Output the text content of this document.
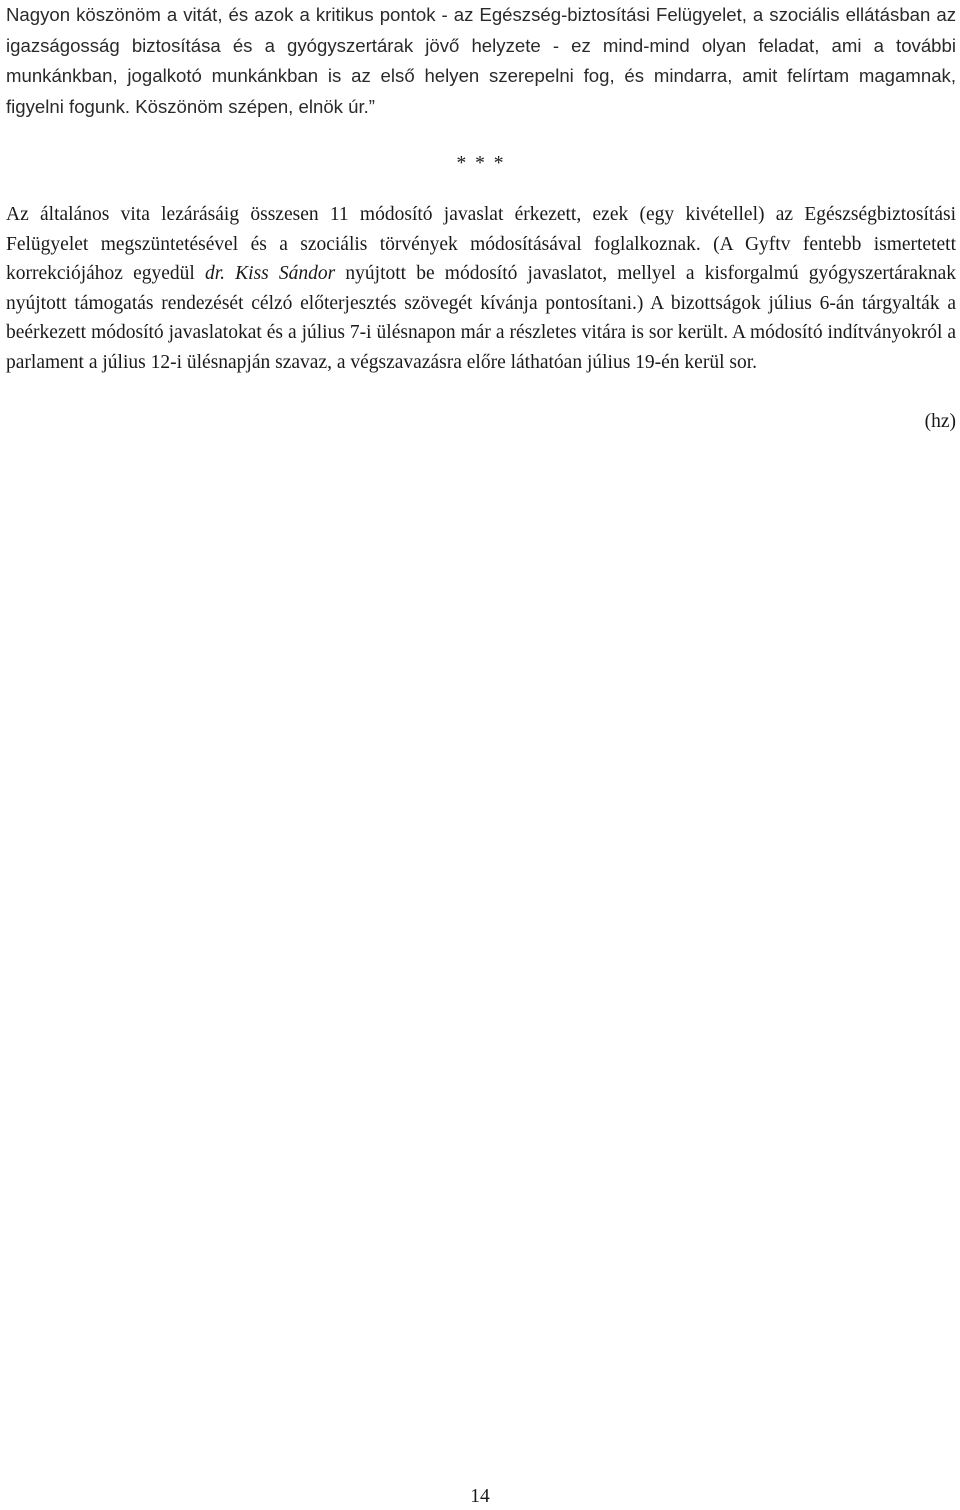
Nagyon köszönöm a vitát, és azok a kritikus pontok - az Egészség-biztosítási Felügyelet, a szociális ellátásban az igazságosság biztosítása és a gyógyszertárak jövő helyzete - ez mind-mind olyan feladat, ami a további munkánkban, jogalkotó munkánkban is az első helyen szerepelni fog, és mindarra, amit felírtam magamnak, figyelni fogunk. Köszönöm szépen, elnök úr.”

* * *

Az általános vita lezárásáig összesen 11 módosító javaslat érkezett, ezek (egy kivétellel) az Egészségbiztosítási Felügyelet megszüntetésével és a szociális törvények módosításával foglalkoznak. (A Gyftv fentebb ismertetett korrekciójához egyedül dr. Kiss Sándor nyújtott be módosító javaslatot, mellyel a kisforgalmú gyógyszertáraknak nyújtott támogatás rendezését célzó előterjesztés szövegét kívánja pontosítani.) A bizottságok július 6-án tárgyalták a beérkezett módosító javaslatokat és a július 7-i ülésnapon már a részletes vitára is sor került. A módosító indítványokról a parlament a július 12-i ülésnapján szavaz, a végszavazásra előre láthatóan július 19-én kerül sor.

(hz)
14
